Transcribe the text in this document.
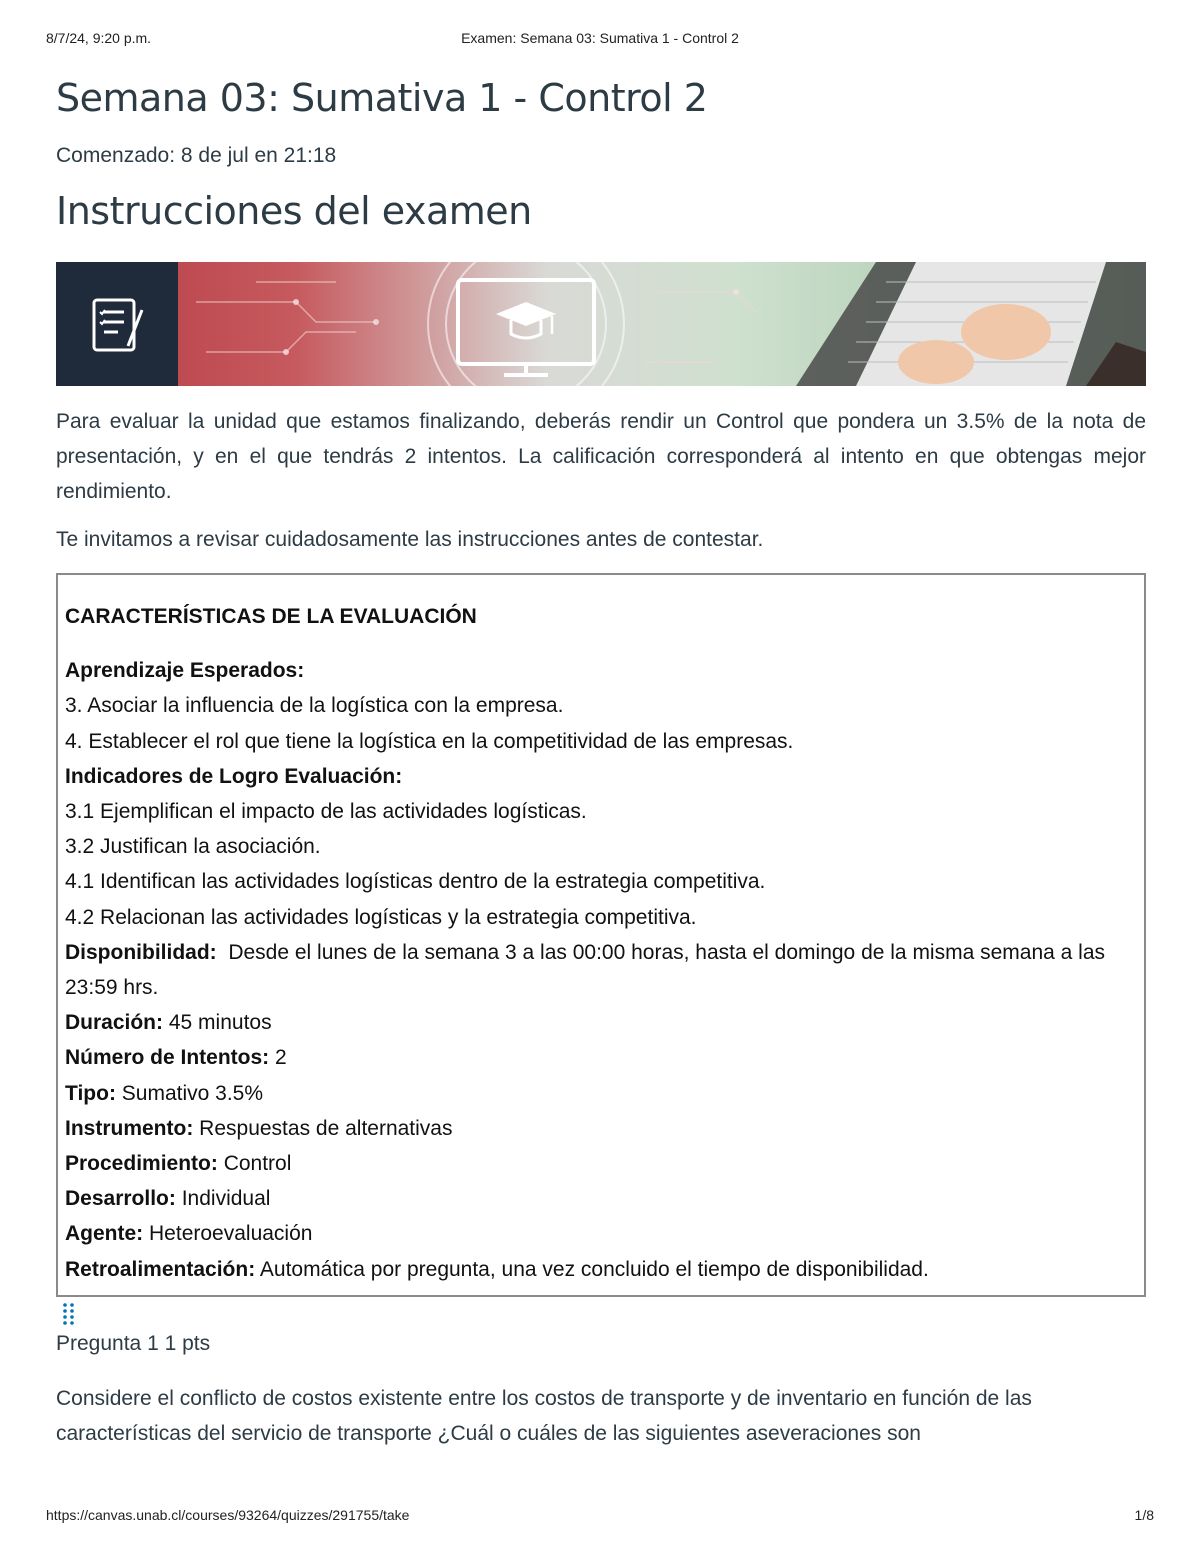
8/7/24, 9:20 p.m.	Examen: Semana 03: Sumativa 1 - Control 2
Semana 03: Sumativa 1 - Control 2
Comenzado: 8 de jul en 21:18
Instrucciones del examen
Para evaluar la unidad que estamos finalizando, deberás rendir un Control que pondera un 3.5% de la nota de presentación, y en el que tendrás 2 intentos. La calificación corresponderá al intento en que obtengas mejor rendimiento.
Te invitamos a revisar cuidadosamente las instrucciones antes de contestar.
CARACTERÍSTICAS DE LA EVALUACIÓN
Aprendizaje Esperados:
3. Asociar la influencia de la logística con la empresa.
4. Establecer el rol que tiene la logística en la competitividad de las empresas.
Indicadores de Logro Evaluación:
3.1 Ejemplifican el impacto de las actividades logísticas.
3.2 Justifican la asociación.
4.1 Identifican las actividades logísticas dentro de la estrategia competitiva.
4.2 Relacionan las actividades logísticas y la estrategia competitiva.
Disponibilidad: Desde el lunes de la semana 3 a las 00:00 horas, hasta el domingo de la misma semana a las 23:59 hrs.
Duración: 45 minutos
Número de Intentos: 2
Tipo: Sumativo 3.5%
Instrumento: Respuestas de alternativas
Procedimiento: Control
Desarrollo: Individual
Agente: Heteroevaluación
Retroalimentación: Automática por pregunta, una vez concluido el tiempo de disponibilidad.
Pregunta 1 1 pts
Considere el conflicto de costos existente entre los costos de transporte y de inventario en función de las características del servicio de transporte ¿Cuál o cuáles de las siguientes aseveraciones son
https://canvas.unab.cl/courses/93264/quizzes/291755/take	1/8
